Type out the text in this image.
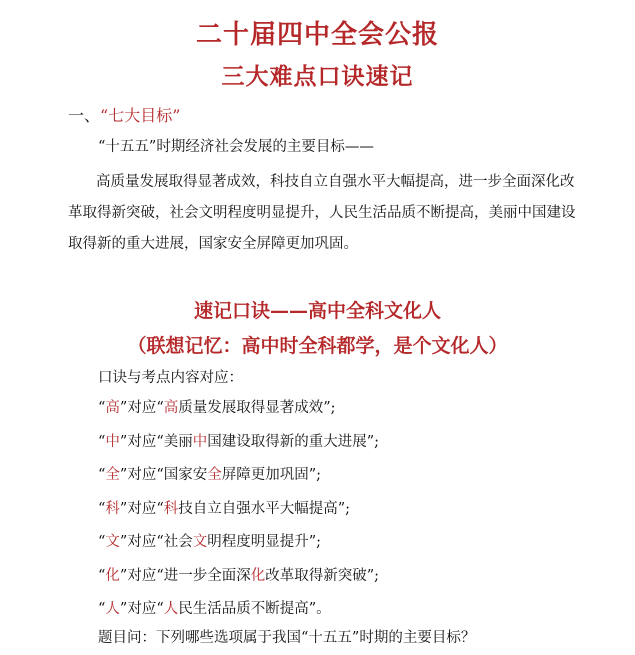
二十届四中全会公报
三大难点口诀速记
一、“七大目标”
“十五五”时期经济社会发展的主要目标——
高质量发展取得显著成效，科技自立自强水平大幅提高，进一步全面深化改革取得新突破，社会文明程度明显提升，人民生活品质不断提高，美丽中国建设取得新的重大进展，国家安全屏障更加巩固。
速记口诀——高中全科文化人
（联想记忆：高中时全科都学，是个文化人）
口诀与考点内容对应：
“高”对应“高质量发展取得显著成效”;
“中”对应“美丽中国建设取得新的重大进展”;
“全”对应“国家安全屏障更加巩固”;
“科”对应“科技自立自强水平大幅提高”;
“文”对应“社会文明程度明显提升”;
“化”对应“进一步全面深化改革取得新突破”;
“人”对应“人民生活品质不断提高”。
题目问：下列哪些选项属于我国“十五五”时期的主要目标？
